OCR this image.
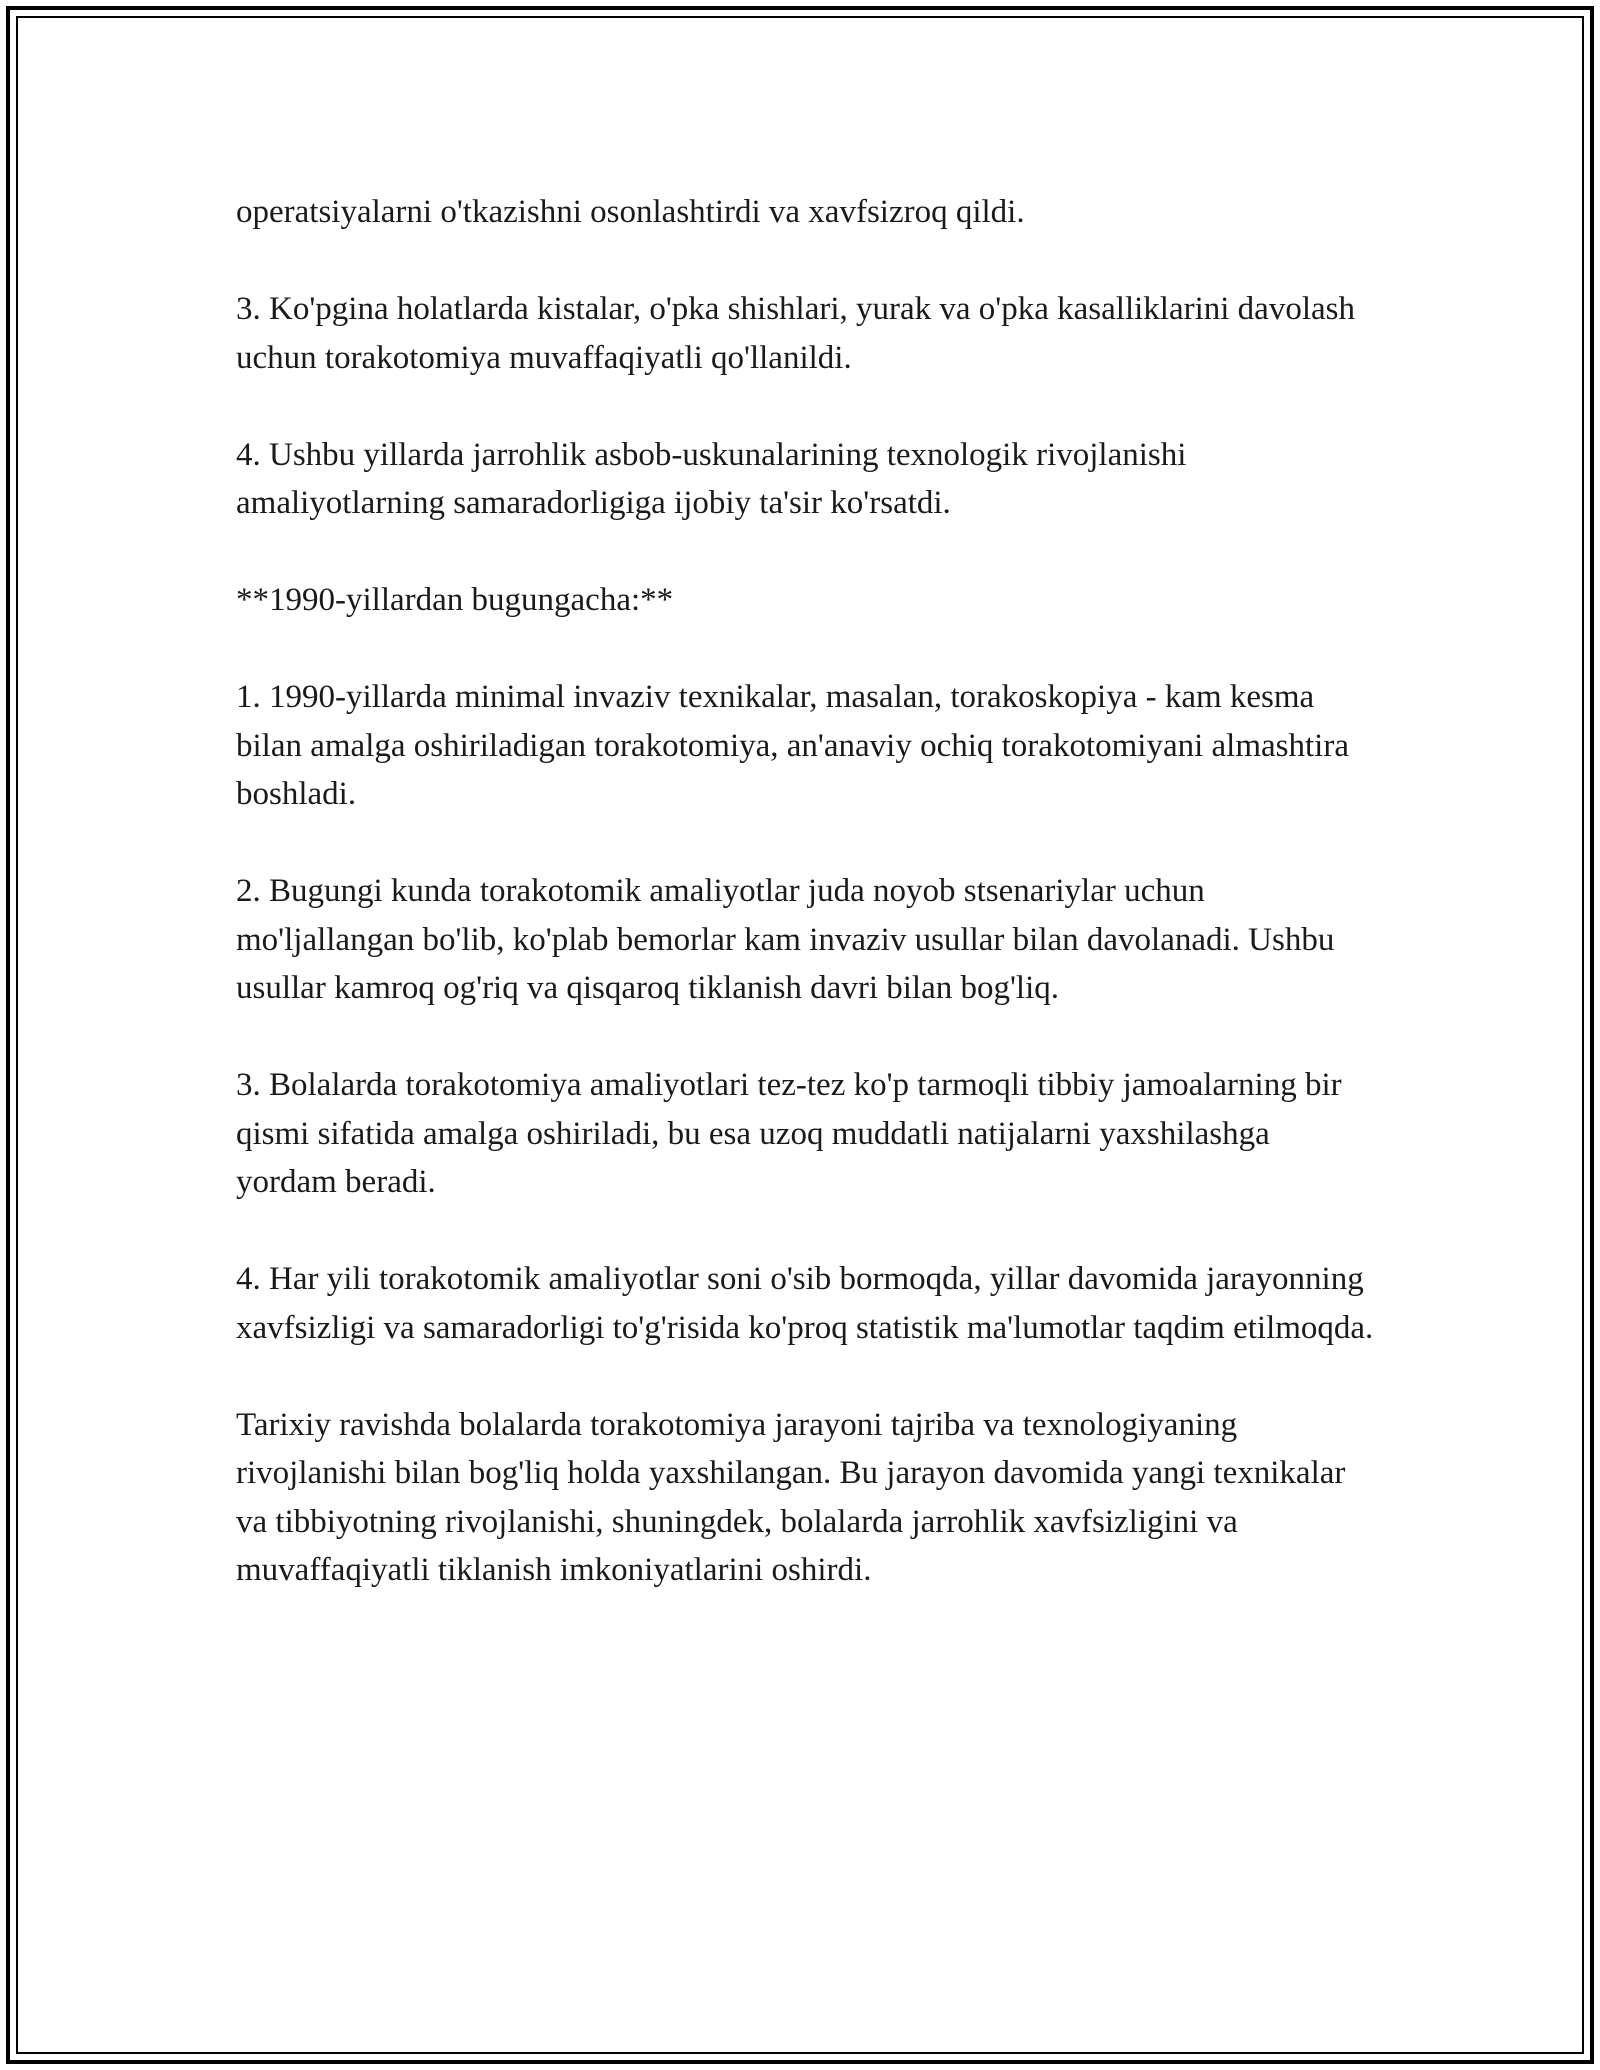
operatsiyalarni o'tkazishni osonlashtirdi va xavfsizroq qildi.

3. Ko'pgina holatlarda kistalar, o'pka shishlari, yurak va o'pka kasalliklarini davolash uchun torakotomiya muvaffaqiyatli qo'llanildi.

4. Ushbu yillarda jarrohlik asbob-uskunalarining texnologik rivojlanishi amaliyotlarning samaradorligiga ijobiy ta'sir ko'rsatdi.

**1990-yillardan bugungacha:**

1. 1990-yillarda minimal invaziv texnikalar, masalan, torakoskopiya - kam kesma bilan amalga oshiriladigan torakotomiya, an'anaviy ochiq torakotomiyani almashtira boshladi.

2. Bugungi kunda torakotomik amaliyotlar juda noyob stsenariylar uchun mo'ljallangan bo'lib, ko'plab bemorlar kam invaziv usullar bilan davolanadi. Ushbu usullar kamroq og'riq va qisqaroq tiklanish davri bilan bog'liq.

3. Bolalarda torakotomiya amaliyotlari tez-tez ko'p tarmoqli tibbiy jamoalarning bir qismi sifatida amalga oshiriladi, bu esa uzoq muddatli natijalarni yaxshilashga yordam beradi.

4. Har yili torakotomik amaliyotlar soni o'sib bormoqda, yillar davomida jarayonning xavfsizligi va samaradorligi to'g'risida ko'proq statistik ma'lumotlar taqdim etilmoqda.

Tarixiy ravishda bolalarda torakotomiya jarayoni tajriba va texnologiyaning rivojlanishi bilan bog'liq holda yaxshilangan. Bu jarayon davomida yangi texnikalar va tibbiyotning rivojlanishi, shuningdek, bolalarda jarrohlik xavfsizligini va muvaffaqiyatli tiklanish imkoniyatlarini oshirdi.
